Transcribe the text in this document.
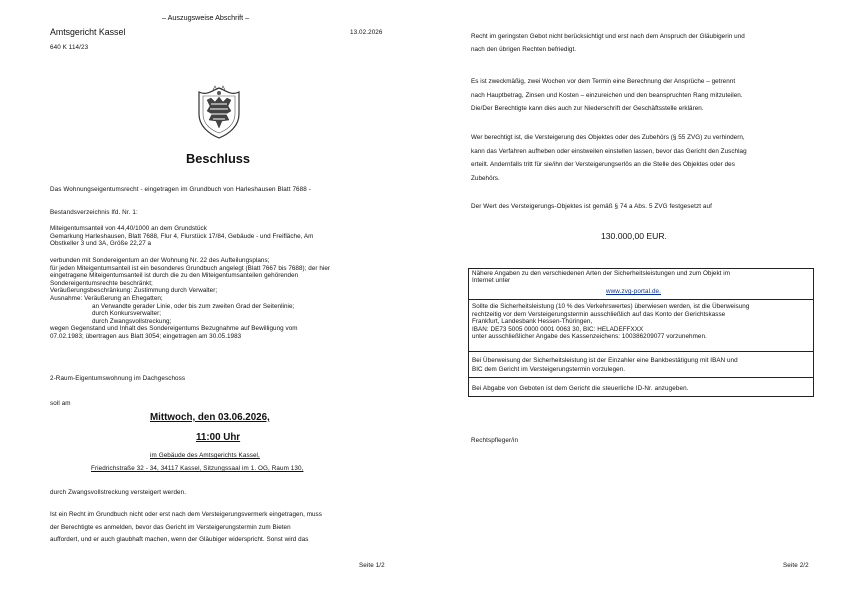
– Auszugsweise Abschrift –
Amtsgericht Kassel	13.02.2026
640 K 114/23
Beschluss
Das Wohnungseigentumsrecht - eingetragen im Grundbuch von Harleshausen Blatt 7688 -
Bestandsverzeichnis lfd. Nr. 1:
Miteigentumsanteil von 44,40/1000 an dem Grundstück
Gemarkung Harleshausen, Blatt 7688, Flur 4, Flurstück 17/84, Gebäude - und Freifläche, Am
Obstkeller 3 und 3A, Größe 22,27 a
verbunden mit Sondereigentum an der Wohnung Nr. 22 des Aufteilungsplans;
für jeden Miteigentumsanteil ist ein besonderes Grundbuch angelegt (Blatt 7667 bis 7688); der hier
eingetragene Miteigentumsanteil ist durch die zu den Miteigentumsanteilen gehörenden
Sondereigentumsrechte beschränkt;
Veräußerungsbeschränkung: Zustimmung durch Verwalter;
Ausnahme: Veräußerung an Ehegatten;
an Verwandte gerader Linie, oder bis zum zweiten Grad der Seitenlinie;
durch Konkursverwalter;
durch Zwangsvollstreckung;
wegen Gegenstand und Inhalt des Sondereigentums Bezugnahme auf Bewilligung vom
07.02.1983; übertragen aus Blatt 3054; eingetragen am 30.05.1983
2-Raum-Eigentumswohnung im Dachgeschoss
soll am
Mittwoch, den 03.06.2026,
11:00 Uhr
im Gebäude des Amtsgerichts Kassel,
Friedrichstraße 32 - 34, 34117 Kassel, Sitzungssaal im 1. OG, Raum 130,
durch Zwangsvollstreckung versteigert werden.
Ist ein Recht im Grundbuch nicht oder erst nach dem Versteigerungsvermerk eingetragen, muss
der Berechtigte es anmelden, bevor das Gericht im Versteigerungstermin zum Bieten
auffordert, und er auch glaubhaft machen, wenn der Gläubiger widerspricht. Sonst wird das
Seite 1/2
Recht im geringsten Gebot nicht berücksichtigt und erst nach dem Anspruch der Gläubigerin und
nach den übrigen Rechten befriedigt.
Es ist zweckmäßig, zwei Wochen vor dem Termin eine Berechnung der Ansprüche – getrennt
nach Hauptbetrag, Zinsen und Kosten – einzureichen und den beanspruchten Rang mitzuteilen.
Die/Der Berechtigte kann dies auch zur Niederschrift der Geschäftsstelle erklären.
Wer berechtigt ist, die Versteigerung des Objektes oder des Zubehörs (§ 55 ZVG) zu verhindern,
kann das Verfahren aufheben oder einstweilen einstellen lassen, bevor das Gericht den Zuschlag
erteilt. Andernfalls tritt für sie/ihn der Versteigerungserlös an die Stelle des Objektes oder des
Zubehörs.
Der Wert des Versteigerungs-Objektes ist gemäß § 74 a Abs. 5 ZVG festgesetzt auf
130.000,00 EUR.
Nähere Angaben zu den verschiedenen Arten der Sicherheitsleistungen und zum Objekt im
Internet unter
www.zvg-portal.de.
Sollte die Sicherheitsleistung (10 % des Verkehrswertes) überwiesen werden, ist die Überweisung
rechtzeitig vor dem Versteigerungstermin ausschließlich auf das Konto der Gerichtskasse
Frankfurt, Landesbank Hessen-Thüringen,
IBAN: DE73 5005 0000 0001 0063 30, BIC: HELADEFFXXX
unter ausschließlicher Angabe des Kassenzeichens: 100386209077 vorzunehmen.
Bei Überweisung der Sicherheitsleistung ist der Einzahler eine Bankbestätigung mit IBAN und
BIC dem Gericht im Versteigerungstermin vorzulegen.
Bei Abgabe von Geboten ist dem Gericht die steuerliche ID-Nr. anzugeben.
Rechtspfleger/in
Seite 2/2
